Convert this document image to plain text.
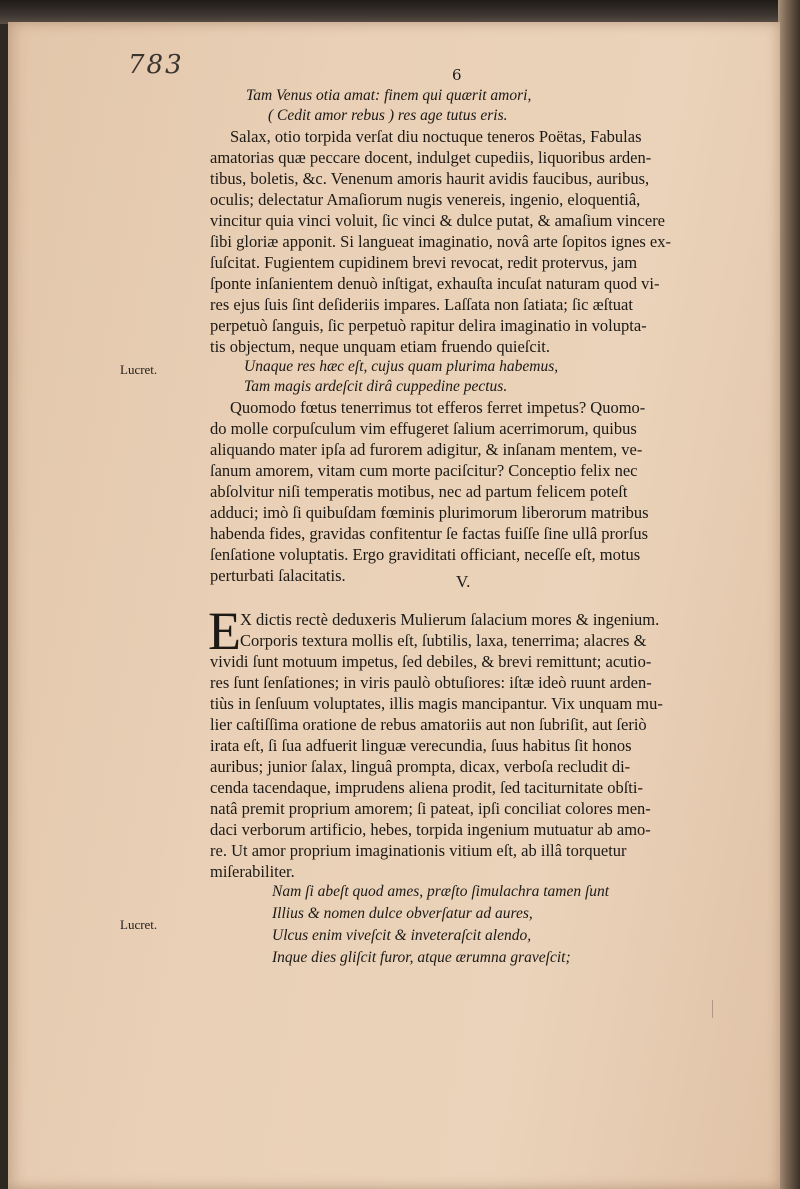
783	6
Tam Venus otia amat: finem qui quærit amori,
( Cedit amor rebus ) res age tutus eris.
Salax, otio torpida verſat diu noctuque teneros Poëtas, Fabulas
amatorias quæ peccare docent, indulget cupediis, liquoribus arden-
tibus, boletis, &c. Venenum amoris haurit avidis faucibus, auribus,
oculis; delectatur Amaſiorum nugis venereis, ingenio, eloquentiâ,
vincitur quia vinci voluit, ſic vinci & dulce putat, & amaſium vincere
ſibi gloriæ apponit. Si langueat imaginatio, novâ arte ſopitos ignes ex-
ſuſcitat. Fugientem cupidinem brevi revocat, redit protervus, jam
ſponte inſanientem denuò inſtigat, exhauſta incuſat naturam quod vi-
res ejus ſuis ſint deſideriis impares. Laſſata non ſatiata; ſic æſtuat
perpetuò ſanguis, ſic perpetuò rapitur delira imaginatio in volupta-
tis objectum, neque unquam etiam fruendo quieſcit.
Unaque res hæc eſt, cujus quam plurima habemus,
Lucret.
Tam magis ardeſcit dirâ cuppedine pectus.
Quomodo fœtus tenerrimus tot efferos ferret impetus? Quomo-
do molle corpuſculum vim effugeret ſalium acerrimorum, quibus
aliquando mater ipſa ad furorem adigitur, & inſanam mentem, ve-
ſanum amorem, vitam cum morte paciſcitur? Conceptio felix nec
abſolvitur niſi temperatis motibus, nec ad partum felicem poteſt
adduci; imò ſi quibuſdam fœminis plurimorum liberorum matribus
habenda fides, gravidas confitentur ſe factas fuiſſe ſine ullâ prorſus
ſenſatione voluptatis. Ergo graviditati officiant, neceſſe eſt, motus
perturbati ſalacitatis.	V.
E X dictis rectè deduxeris Mulierum ſalacium mores & ingenium.
Corporis textura mollis eſt, ſubtilis, laxa, tenerrima; alacres &
vividi ſunt motuum impetus, ſed debiles, & brevi remittunt; acutio-
res ſunt ſenſationes; in viris paulò obtuſiores: iſtæ ideò ruunt arden-
tiùs in ſenſuum voluptates, illis magis mancipantur. Vix unquam mu-
lier caſtiſſima oratione de rebus amatoriis aut non ſubriſit, aut ſeriò
irata eſt, ſi ſua adfuerit linguæ verecundia, ſuus habitus ſit honos
auribus; junior ſalax, linguâ prompta, dicax, verboſa recludit di-
cenda tacendaque, imprudens aliena prodit, ſed taciturnitate obſti-
natâ premit proprium amorem; ſi pateat, ipſi conciliat colores men-
daci verborum artificio, hebes, torpida ingenium mutuatur ab amo-
re. Ut amor proprium imaginationis vitium eſt, ab illâ torquetur
miſerabiliter.
Nam ſi abeſt quod ames, præſto ſimulachra tamen ſunt
Illius & nomen dulce obverſatur ad aures,
Lucret.
Ulcus enim viveſcit & inveteraſcit alendo,
Inque dies gliſcit furor, atque ærumna graveſcit;
